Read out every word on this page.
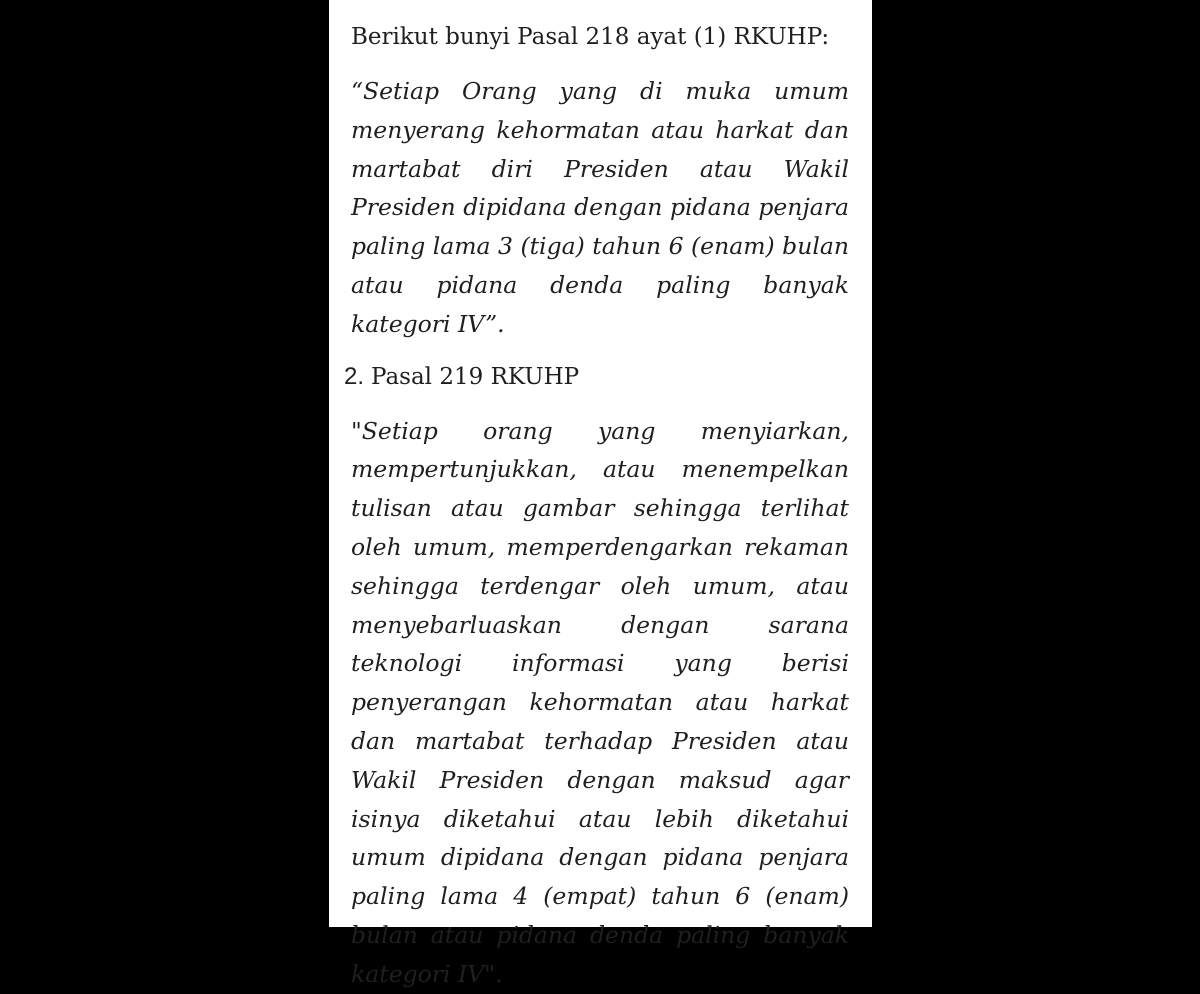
Berikut bunyi Pasal 218 ayat (1) RKUHP:

“Setiap Orang yang di muka umum menyerang kehormatan atau harkat dan martabat diri Presiden atau Wakil Presiden dipidana dengan pidana penjara paling lama 3 (tiga) tahun 6 (enam) bulan atau pidana denda paling banyak kategori IV”.

2. Pasal 219 RKUHP

"Setiap orang yang menyiarkan, mempertunjukkan, atau menempelkan tulisan atau gambar sehingga terlihat oleh umum, memperdengarkan rekaman sehingga terdengar oleh umum, atau menyebarluaskan dengan sarana teknologi informasi yang berisi penyerangan kehormatan atau harkat dan martabat terhadap Presiden atau Wakil Presiden dengan maksud agar isinya diketahui atau lebih diketahui umum dipidana dengan pidana penjara paling lama 4 (empat) tahun 6 (enam) bulan atau pidana denda paling banyak kategori IV".
